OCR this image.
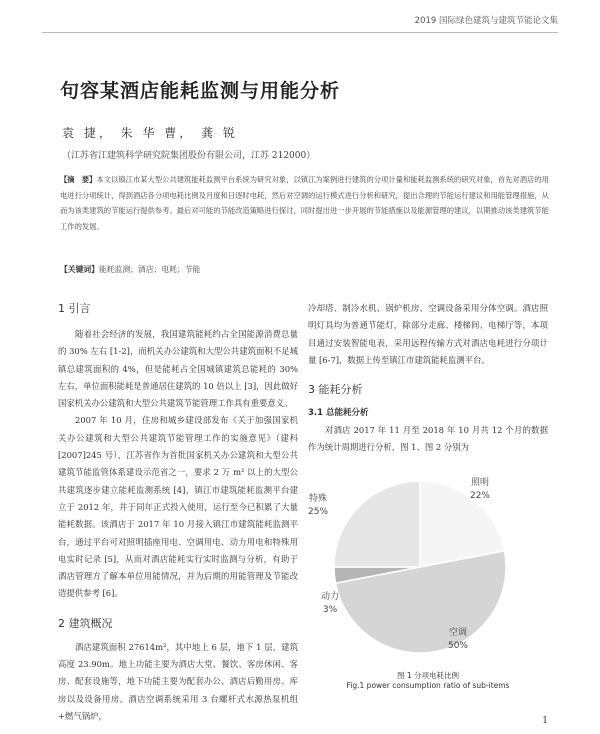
2019 国际绿色建筑与建筑节能论文集
句容某酒店能耗监测与用能分析
袁 捷， 朱 华 曹， 龚 锐
（江苏省江建筑科学研究院集团股份有限公司，江苏 212000）

【摘　要】本文以镇江市某大型公共建筑能耗监测平台系统为研究对象，以镇江为案例进行建筑的分项计量和能耗监测系统的研究对象，首先对酒店的用电进行分项统计，得到酒店各分项电耗比例及月度和日逐时电耗，然后对空调的运行模式进行分析和研究，提出合理的节能运行建议和用能管理措施，从而为该类建筑的节能运行提供参考。最后对可能的节能改造策略进行探讨，同时提出进一步开展的节能措施以及能源管理的建议，以期推动该类建筑节能工作的发展。

【关键词】能耗监测；酒店；电耗；节能
1 引言

随着社会经济的发展，我国建筑能耗约占全国能源消费总量的 30% 左右 [1-2]，而机关办公建筑和大型公共建筑面积不足城镇总建筑面积的 4%，但是能耗占全国城镇建筑总能耗的 30% 左右，单位面积能耗是普通居住建筑的 10 倍以上 [3]，因此做好国家机关办公建筑和大型公共建筑节能管理工作具有重要意义。

2007 年 10 月，住房和城乡建设部发布《关于加强国家机关办公建筑和大型公共建筑节能管理工作的实施意见》（建科 [2007]245 号），江苏省作为首批国家机关办公建筑和大型公共建筑节能监管体系建设示范省之一，要求 2 万 m² 以上的大型公共建筑逐步建立能耗监测系统 [4]，镇江市建筑能耗监测平台建立于 2012 年，并于同年正式投入使用，运行至今已积累了大量能耗数据。该酒店于 2017 年 10 月接入镇江市建筑能耗监测平台，通过平台可对照明插座用电、空调用电、动力用电和特殊用电实时记录 [5]，从而对酒店能耗实行实时监测与分析，有助于酒店管理方了解本单位用能情况，并为后期的用能管理及节能改造提供参考 [6]。

2 建筑概况

酒店建筑面积 27614m²，其中地上 6 层，地下 1 层，建筑高度 23.90m。地上功能主要为酒店大堂、餐饮、客房休闲、客房、配套设施等，地下功能主要为配套办公、酒店后勤用房、库房以及设备用房。酒店空调系统采用 3 台螺杆式水源热泵机组+燃气锅炉，

冷却塔、制冷水机、锅炉机房、空调设备采用分体空调。酒店照明灯具均为普通节能灯，除部分走廊、楼梯间、电梯厅等，本项目通过安装智能电表，采用远程传输方式对酒店电耗进行分项计量 [6-7]，数据上传至镇江市建筑能耗监测平台。

3 能耗分析
3.1 总能耗分析

对酒店 2017 年 11 月至 2018 年 10 月共 12 个月的数据作为统计周期进行分析，图 1、图 2 分别为

照明
22%
空调
50%
动力
3%
特殊
25%

图 1 分项电耗比例

Fig.1 power consumption ratio of sub-items

1
